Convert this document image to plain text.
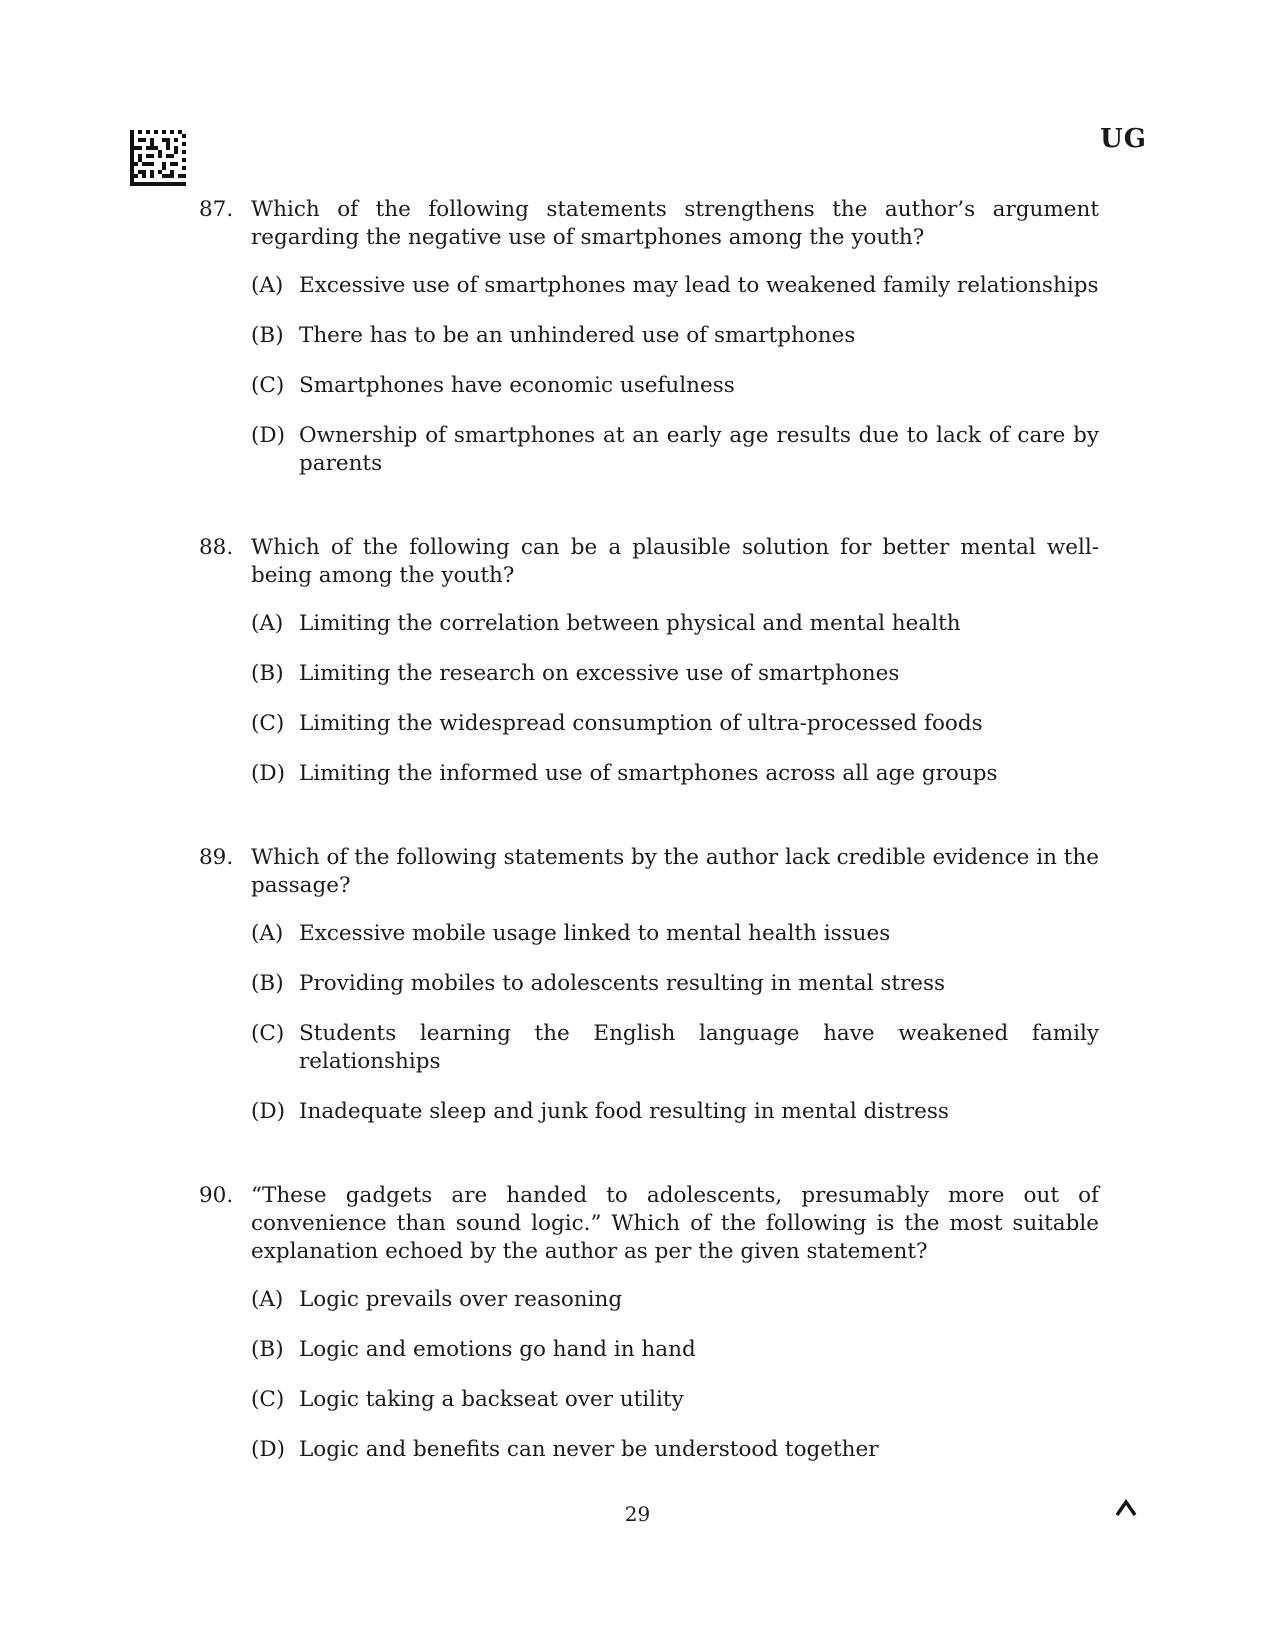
UG
87. Which of the following statements strengthens the author’s argument regarding the negative use of smartphones among the youth?
(A) Excessive use of smartphones may lead to weakened family relationships
(B) There has to be an unhindered use of smartphones
(C) Smartphones have economic usefulness
(D) Ownership of smartphones at an early age results due to lack of care by parents
88. Which of the following can be a plausible solution for better mental well-being among the youth?
(A) Limiting the correlation between physical and mental health
(B) Limiting the research on excessive use of smartphones
(C) Limiting the widespread consumption of ultra-processed foods
(D) Limiting the informed use of smartphones across all age groups
89. Which of the following statements by the author lack credible evidence in the passage?
(A) Excessive mobile usage linked to mental health issues
(B) Providing mobiles to adolescents resulting in mental stress
(C) Students learning the English language have weakened family relationships
(D) Inadequate sleep and junk food resulting in mental distress
90. “These gadgets are handed to adolescents, presumably more out of convenience than sound logic.” Which of the following is the most suitable explanation echoed by the author as per the given statement?
(A) Logic prevails over reasoning
(B) Logic and emotions go hand in hand
(C) Logic taking a backseat over utility
(D) Logic and benefits can never be understood together
29
